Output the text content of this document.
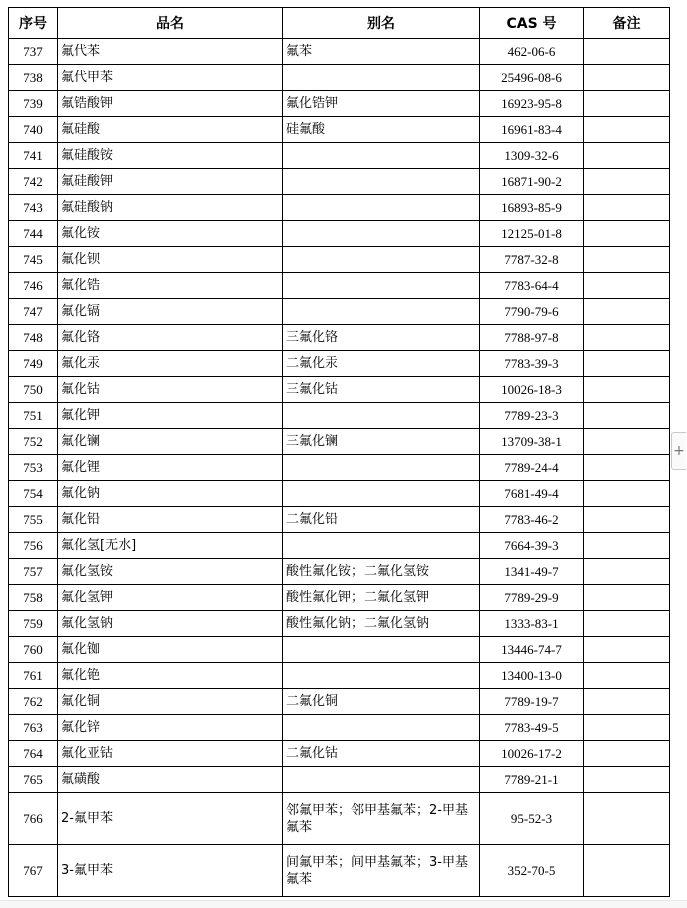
序号	品名	别名	CAS 号	备注
737	氟代苯	氟苯	462-06-6	
738	氟代甲苯		25496-08-6	
739	氟锆酸钾	氟化锆钾	16923-95-8	
740	氟硅酸	硅氟酸	16961-83-4	
741	氟硅酸铵		1309-32-6	
742	氟硅酸钾		16871-90-2	
743	氟硅酸钠		16893-85-9	
744	氟化铵		12125-01-8	
745	氟化钡		7787-32-8	
746	氟化锆		7783-64-4	
747	氟化镉		7790-79-6	
748	氟化铬	三氟化铬	7788-97-8	
749	氟化汞	二氟化汞	7783-39-3	
750	氟化钴	三氟化钴	10026-18-3	
751	氟化钾		7789-23-3	
752	氟化镧	三氟化镧	13709-38-1	
753	氟化锂		7789-24-4	
754	氟化钠		7681-49-4	
755	氟化铅	二氟化铅	7783-46-2	
756	氟化氢[无水]		7664-39-3	
757	氟化氢铵	酸性氟化铵；二氟化氢铵	1341-49-7	
758	氟化氢钾	酸性氟化钾；二氟化氢钾	7789-29-9	
759	氟化氢钠	酸性氟化钠；二氟化氢钠	1333-83-1	
760	氟化铷		13446-74-7	
761	氟化铯		13400-13-0	
762	氟化铜	二氟化铜	7789-19-7	
763	氟化锌		7783-49-5	
764	氟化亚钴	二氟化钴	10026-17-2	
765	氟磺酸		7789-21-1	
766	2-氟甲苯	邻氟甲苯；邻甲基氟苯；2-甲基氟苯	95-52-3	
767	3-氟甲苯	间氟甲苯；间甲基氟苯；3-甲基氟苯	352-70-5	
+
